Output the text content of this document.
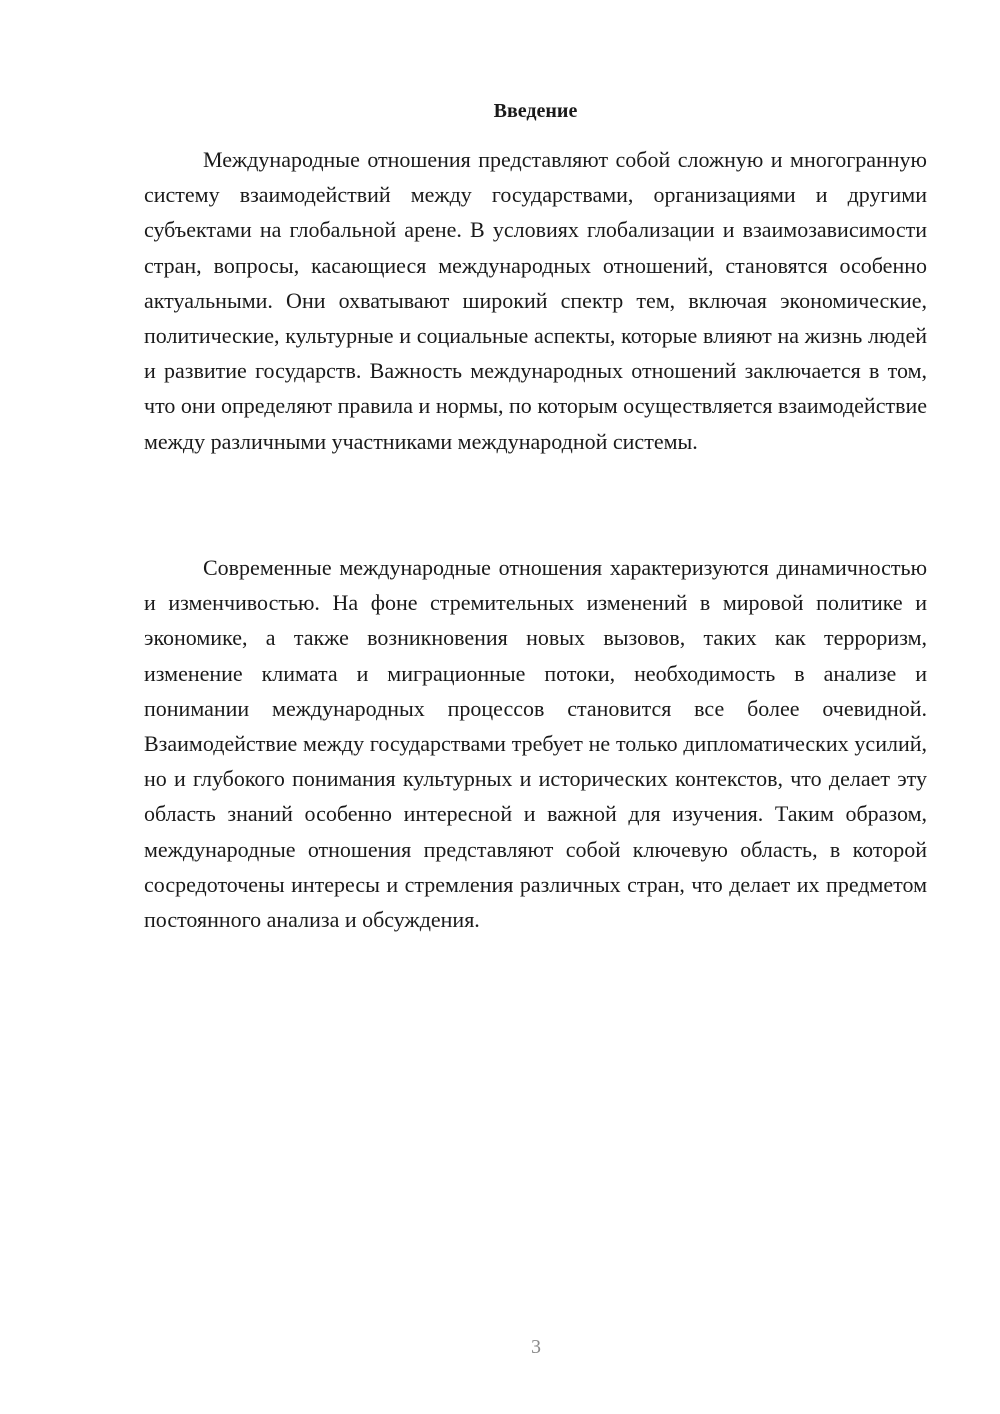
Введение

Международные отношения представляют собой сложную и многогранную систему взаимодействий между государствами, организациями и другими субъектами на глобальной арене. В условиях глобализации и взаимозависимости стран, вопросы, касающиеся международных отношений, становятся особенно актуальными. Они охватывают широкий спектр тем, включая экономические, политические, культурные и социальные аспекты, которые влияют на жизнь людей и развитие государств. Важность международных отношений заключается в том, что они определяют правила и нормы, по которым осуществляется взаимодействие между различными участниками международной системы.

Современные международные отношения характеризуются динамичностью и изменчивостью. На фоне стремительных изменений в мировой политике и экономике, а также возникновения новых вызовов, таких как терроризм, изменение климата и миграционные потоки, необходимость в анализе и понимании международных процессов становится все более очевидной. Взаимодействие между государствами требует не только дипломатических усилий, но и глубокого понимания культурных и исторических контекстов, что делает эту область знаний особенно интересной и важной для изучения. Таким образом, международные отношения представляют собой ключевую область, в которой сосредоточены интересы и стремления различных стран, что делает их предметом постоянного анализа и обсуждения.

3
